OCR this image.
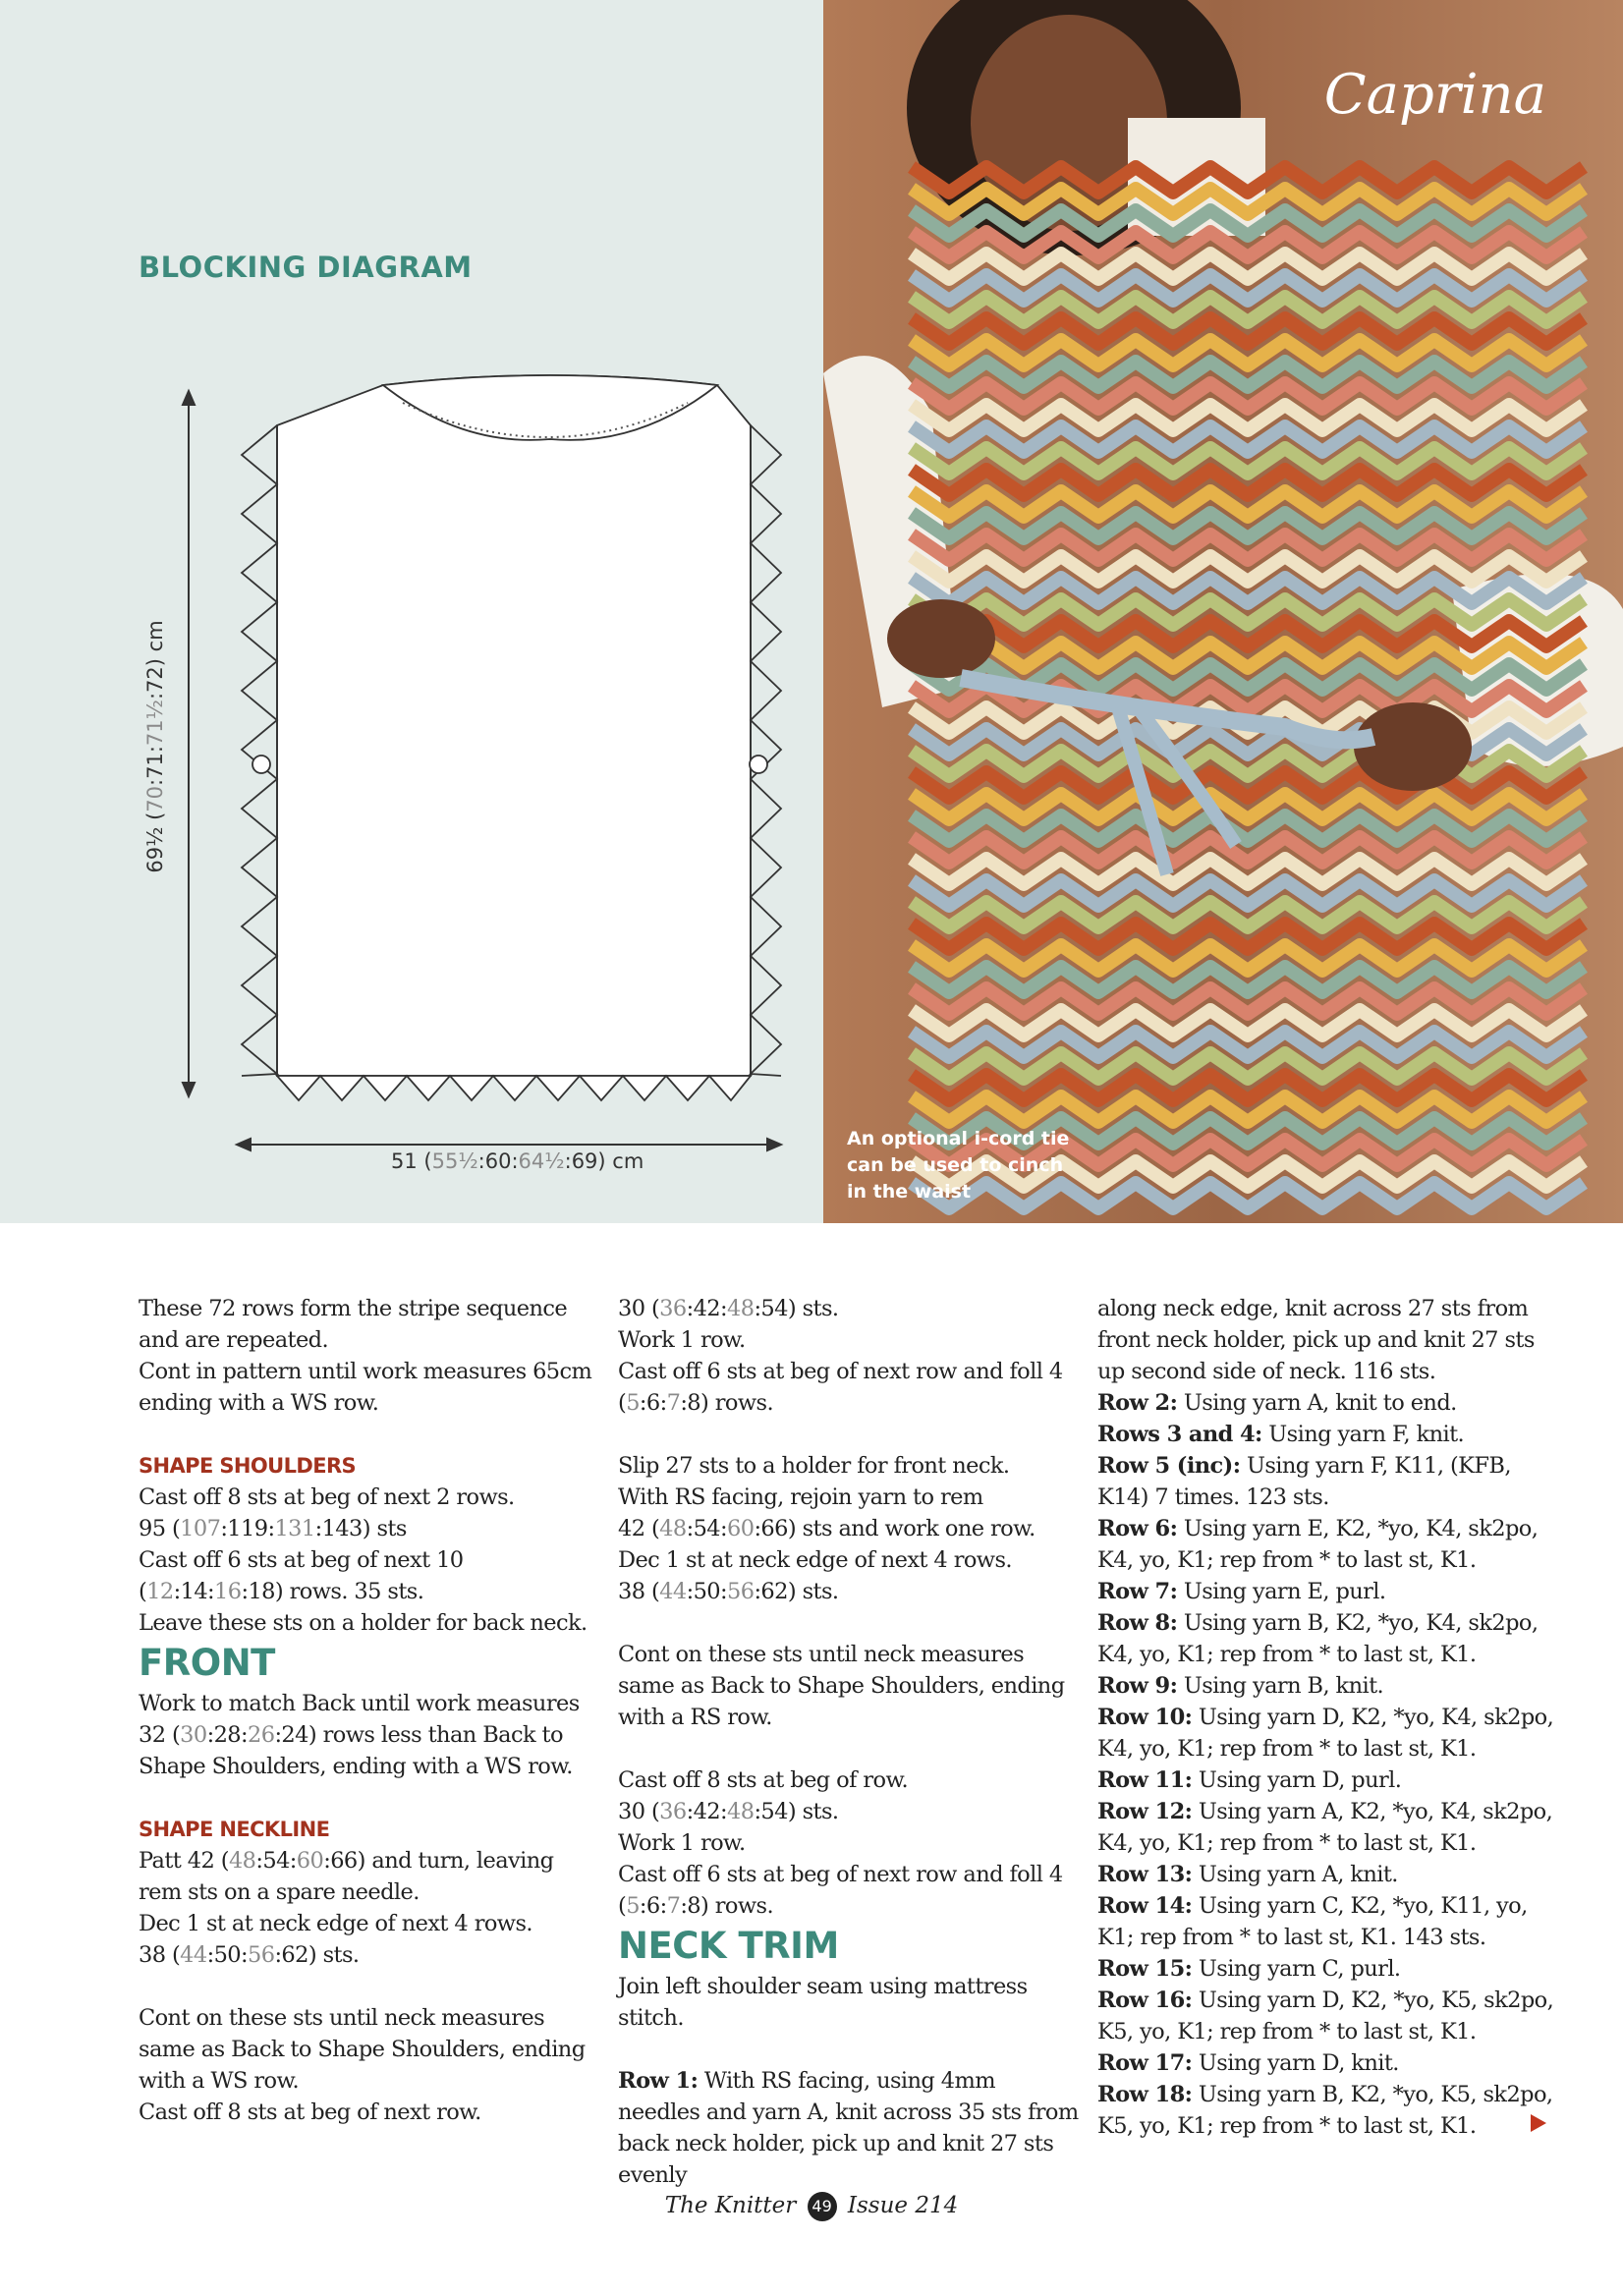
BLOCKING DIAGRAM
51 (55½:60:64½:69) cm
69½ (70:71:71½:72) cm
Caprina
An optional i-cord tie can be used to cinch in the waist

These 72 rows form the stripe sequence and are repeated.

Cont in pattern until work measures 65cm ending with a WS row.

SHAPE SHOULDERS

Cast off 8 sts at beg of next 2 rows.

95 (107:119:131:143) sts

Cast off 6 sts at beg of next 10 (12:14:16:18) rows. 35 sts.

Leave these sts on a holder for back neck.

FRONT

Work to match Back until work measures 32 (30:28:26:24) rows less than Back to Shape Shoulders, ending with a WS row.

SHAPE NECKLINE

Patt 42 (48:54:60:66) and turn, leaving rem sts on a spare needle.

Dec 1 st at neck edge of next 4 rows.

38 (44:50:56:62) sts.

Cont on these sts until neck measures same as Back to Shape Shoulders, ending with a WS row.

Cast off 8 sts at beg of next row.

30 (36:42:48:54) sts.

Work 1 row.

Cast off 6 sts at beg of next row and foll 4 (5:6:7:8) rows.

Slip 27 sts to a holder for front neck.

With RS facing, rejoin yarn to rem

42 (48:54:60:66) sts and work one row.

Dec 1 st at neck edge of next 4 rows.

38 (44:50:56:62) sts.

Cont on these sts until neck measures same as Back to Shape Shoulders, ending with a RS row.

Cast off 8 sts at beg of row.

30 (36:42:48:54) sts.

Work 1 row.

Cast off 6 sts at beg of next row and foll 4 (5:6:7:8) rows.

NECK TRIM

Join left shoulder seam using mattress stitch.

Row 1: With RS facing, using 4mm needles and yarn A, knit across 35 sts from back neck holder, pick up and knit 27 sts evenly

along neck edge, knit across 27 sts from front neck holder, pick up and knit 27 sts up second side of neck. 116 sts.

Row 2: Using yarn A, knit to end.

Rows 3 and 4: Using yarn F, knit.

Row 5 (inc): Using yarn F, K11, (KFB, K14) 7 times. 123 sts.

Row 6: Using yarn E, K2, *yo, K4, sk2po, K4, yo, K1; rep from * to last st, K1.

Row 7: Using yarn E, purl.

Row 8: Using yarn B, K2, *yo, K4, sk2po, K4, yo, K1; rep from * to last st, K1.

Row 9: Using yarn B, knit.

Row 10: Using yarn D, K2, *yo, K4, sk2po, K4, yo, K1; rep from * to last st, K1.

Row 11: Using yarn D, purl.

Row 12: Using yarn A, K2, *yo, K4, sk2po, K4, yo, K1; rep from * to last st, K1.

Row 13: Using yarn A, knit.

Row 14: Using yarn C, K2, *yo, K11, yo, K1; rep from * to last st, K1. 143 sts.

Row 15: Using yarn C, purl.

Row 16: Using yarn D, K2, *yo, K5, sk2po, K5, yo, K1; rep from * to last st, K1.

Row 17: Using yarn D, knit.

Row 18: Using yarn B, K2, *yo, K5, sk2po, K5, yo, K1; rep from * to last st, K1.

The Knitter 49 Issue 214
